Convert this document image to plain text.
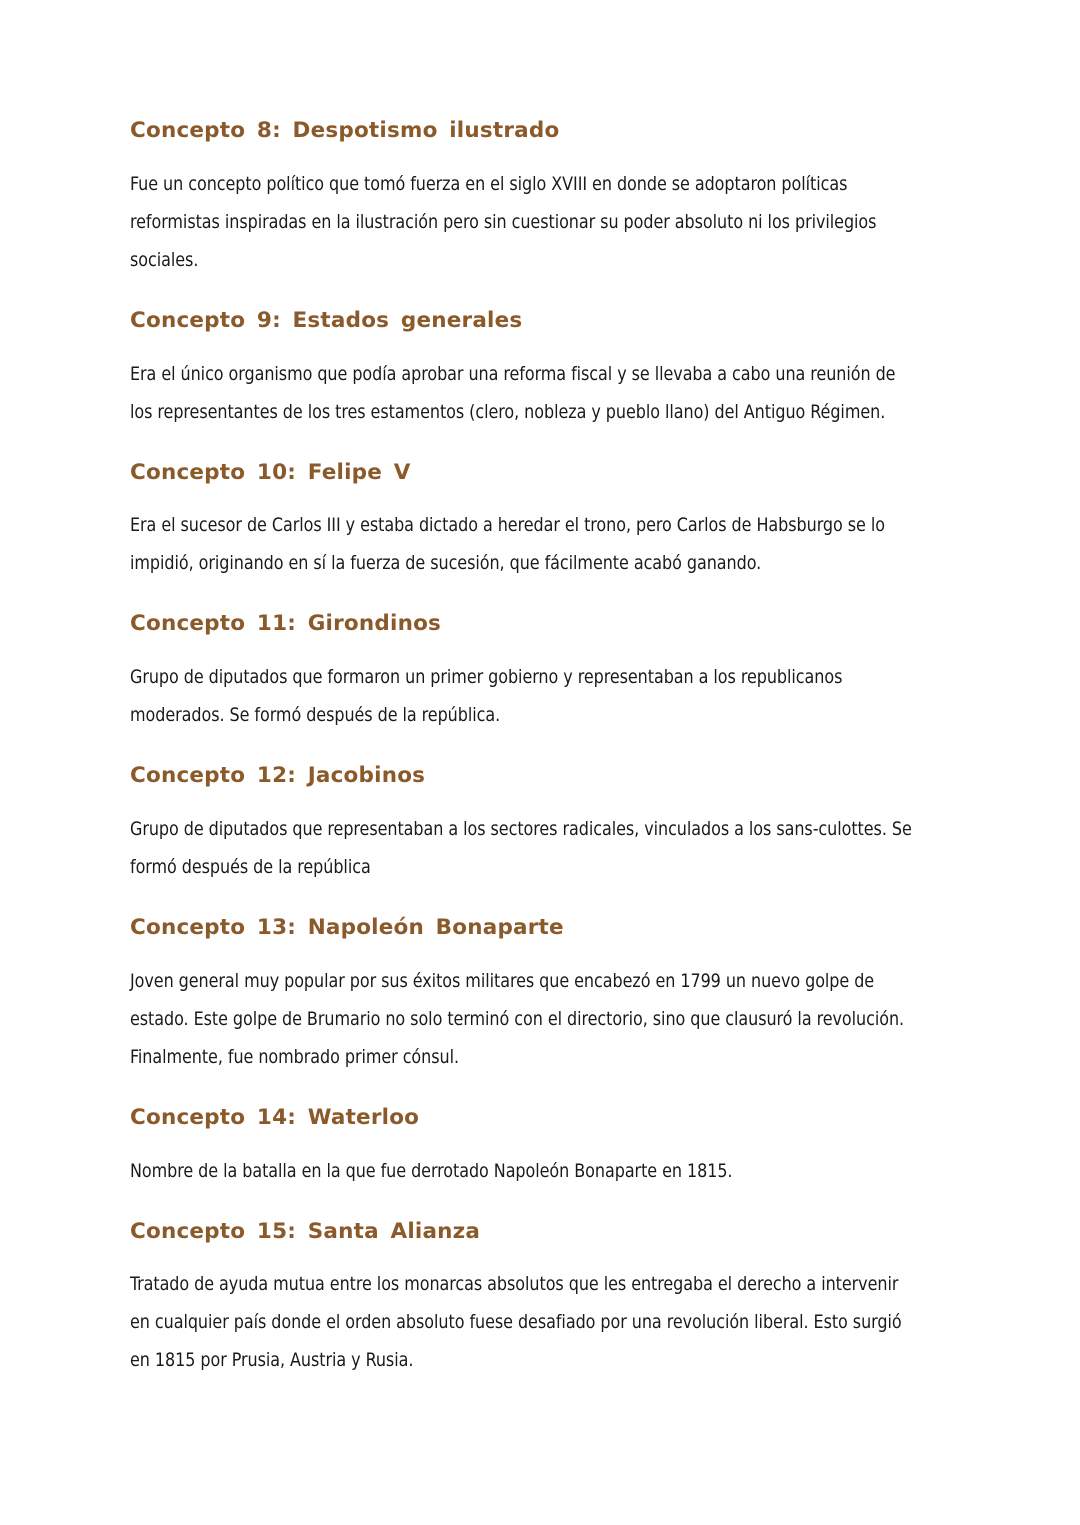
Concepto 8: Despotismo ilustrado

Fue un concepto político que tomó fuerza en el siglo XVIII en donde se adoptaron políticas reformistas inspiradas en la ilustración pero sin cuestionar su poder absoluto ni los privilegios sociales.

Concepto 9: Estados generales

Era el único organismo que podía aprobar una reforma fiscal y se llevaba a cabo una reunión de los representantes de los tres estamentos (clero, nobleza y pueblo llano) del Antiguo Régimen.

Concepto 10: Felipe V

Era el sucesor de Carlos III y estaba dictado a heredar el trono, pero Carlos de Habsburgo se lo impidió, originando en sí la fuerza de sucesión, que fácilmente acabó ganando.

Concepto 11: Girondinos

Grupo de diputados que formaron un primer gobierno y representaban a los republicanos moderados. Se formó después de la república.

Concepto 12: Jacobinos

Grupo de diputados que representaban a los sectores radicales, vinculados a los sans-culottes. Se formó después de la república

Concepto 13: Napoleón Bonaparte

Joven general muy popular por sus éxitos militares que encabezó en 1799 un nuevo golpe de estado. Este golpe de Brumario no solo terminó con el directorio, sino que clausuró la revolución. Finalmente, fue nombrado primer cónsul.

Concepto 14: Waterloo

Nombre de la batalla en la que fue derrotado Napoleón Bonaparte en 1815.

Concepto 15: Santa Alianza

Tratado de ayuda mutua entre los monarcas absolutos que les entregaba el derecho a intervenir en cualquier país donde el orden absoluto fuese desafiado por una revolución liberal. Esto surgió en 1815 por Prusia, Austria y Rusia.
